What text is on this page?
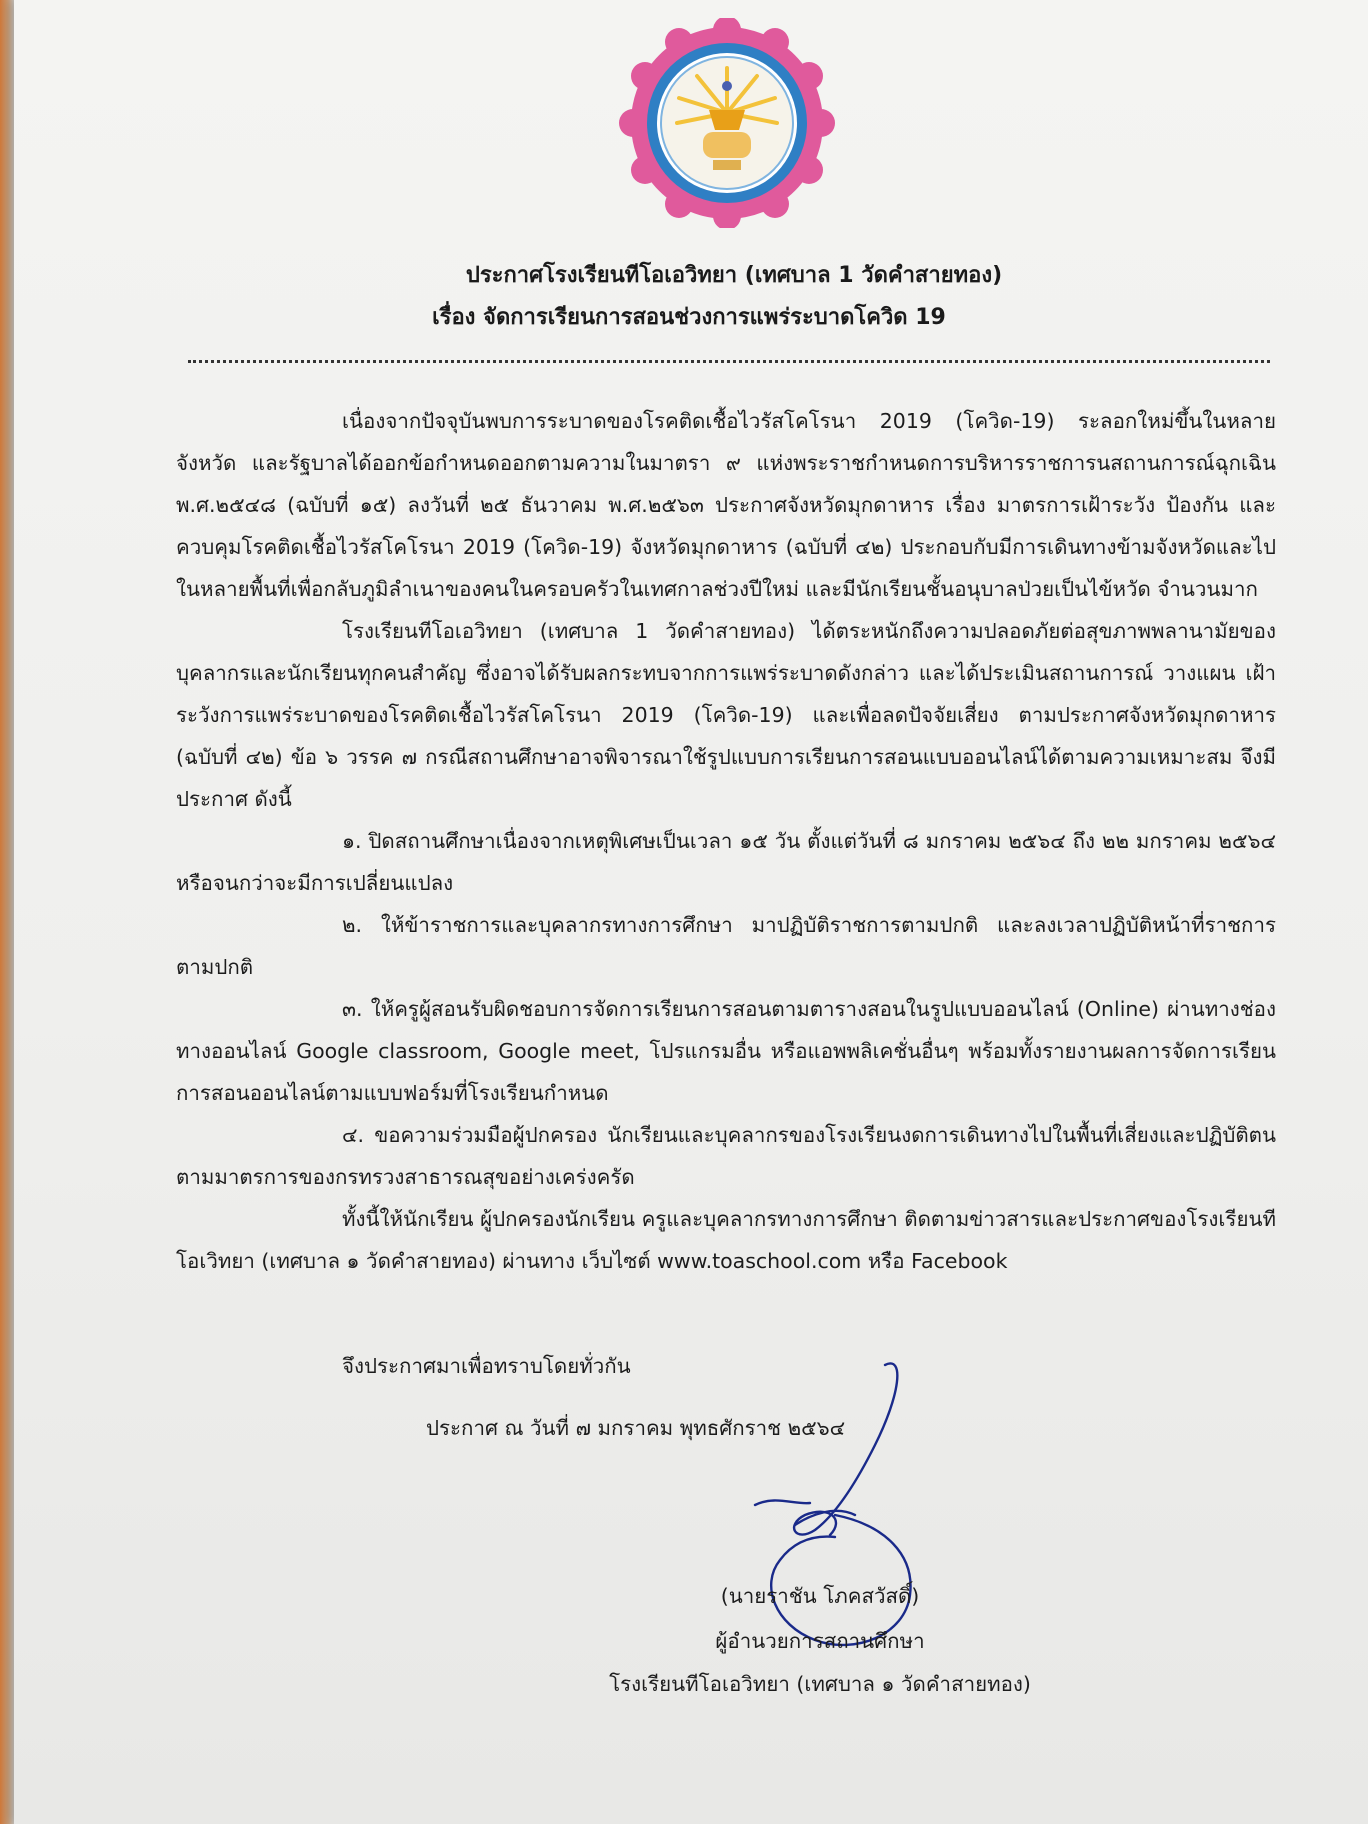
ประกาศโรงเรียนทีโอเอวิทยา (เทศบาล 1 วัดคำสายทอง)
เรื่อง จัดการเรียนการสอนช่วงการแพร่ระบาดโควิด 19

เนื่องจากปัจจุบันพบการระบาดของโรคติดเชื้อไวรัสโคโรนา 2019 (โควิด-19) ระลอกใหม่ขึ้นในหลายจังหวัด และรัฐบาลได้ออกข้อกำหนดออกตามความในมาตรา ๙ แห่งพระราชกำหนดการบริหารราชการนสถานการณ์ฉุกเฉิน พ.ศ.๒๕๔๘ (ฉบับที่ ๑๕) ลงวันที่ ๒๕ ธันวาคม พ.ศ.๒๕๖๓ ประกาศจังหวัดมุกดาหาร เรื่อง มาตรการเฝ้าระวัง ป้องกัน และควบคุมโรคติดเชื้อไวรัสโคโรนา 2019 (โควิด-19) จังหวัดมุกดาหาร (ฉบับที่ ๔๒) ประกอบกับมีการเดินทางข้ามจังหวัดและไปในหลายพื้นที่เพื่อกลับภูมิลำเนาของคนในครอบครัวในเทศกาลช่วงปีใหม่ และมีนักเรียนชั้นอนุบาลป่วยเป็นไข้หวัด จำนวนมาก

โรงเรียนทีโอเอวิทยา (เทศบาล 1 วัดคำสายทอง) ได้ตระหนักถึงความปลอดภัยต่อสุขภาพพลานามัยของบุคลากรและนักเรียนทุกคนสำคัญ ซึ่งอาจได้รับผลกระทบจากการแพร่ระบาดดังกล่าว และได้ประเมินสถานการณ์ วางแผน เฝ้าระวังการแพร่ระบาดของโรคติดเชื้อไวรัสโคโรนา 2019 (โควิด-19) และเพื่อลดปัจจัยเสี่ยง ตามประกาศจังหวัดมุกดาหาร (ฉบับที่ ๔๒) ข้อ ๖ วรรค ๗ กรณีสถานศึกษาอาจพิจารณาใช้รูปแบบการเรียนการสอนแบบออนไลน์ได้ตามความเหมาะสม จึงมีประกาศ ดังนี้

๑. ปิดสถานศึกษาเนื่องจากเหตุพิเศษเป็นเวลา ๑๕ วัน ตั้งแต่วันที่ ๘ มกราคม ๒๕๖๔ ถึง ๒๒ มกราคม ๒๕๖๔ หรือจนกว่าจะมีการเปลี่ยนแปลง

๒. ให้ข้าราชการและบุคลากรทางการศึกษา มาปฏิบัติราชการตามปกติ และลงเวลาปฏิบัติหน้าที่ราชการตามปกติ

๓. ให้ครูผู้สอนรับผิดชอบการจัดการเรียนการสอนตามตารางสอนในรูปแบบออนไลน์ (Online) ผ่านทางช่องทางออนไลน์ Google classroom, Google meet, โปรแกรมอื่น หรือแอพพลิเคชั่นอื่นๆ พร้อมทั้งรายงานผลการจัดการเรียนการสอนออนไลน์ตามแบบฟอร์มที่โรงเรียนกำหนด

๔. ขอความร่วมมือผู้ปกครอง นักเรียนและบุคลากรของโรงเรียนงดการเดินทางไปในพื้นที่เสี่ยงและปฏิบัติตนตามมาตรการของกรทรวงสาธารณสุขอย่างเคร่งครัด

ทั้งนี้ให้นักเรียน ผู้ปกครองนักเรียน ครูและบุคลากรทางการศึกษา ติดตามข่าวสารและประกาศของโรงเรียนทีโอเวิทยา (เทศบาล ๑ วัดคำสายทอง) ผ่านทาง เว็บไซต์ www.toaschool.com หรือ Facebook

จึงประกาศมาเพื่อทราบโดยทั่วกัน
ประกาศ ณ วันที่ ๗ มกราคม พุทธศักราช ๒๕๖๔
(นายราชัน โภคสวัสดิ์)
ผู้อำนวยการสถานศึกษา
โรงเรียนทีโอเอวิทยา (เทศบาล ๑ วัดคำสายทอง)
